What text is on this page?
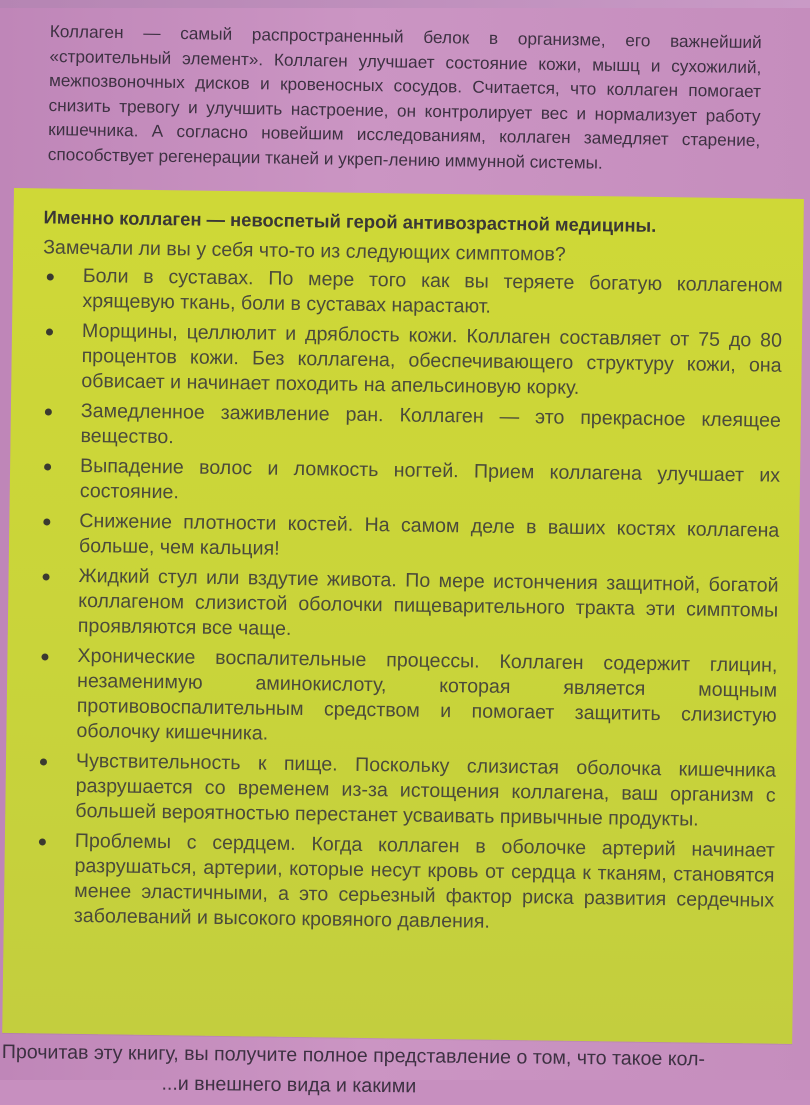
Коллаген — самый распространенный белок в организме, его важнейший «строительный элемент». Коллаген улучшает состояние кожи, мышц и сухожилий, межпозвоночных дисков и кровеносных сосудов. Считается, что коллаген помогает снизить тревогу и улучшить настроение, он контролирует вес и нормализует работу кишечника. А согласно новейшим исследованиям, коллаген замедляет старение, способствует регенерации тканей и укреп-лению иммунной системы.

Именно коллаген — невоспетый герой антивозрастной медицины.

Замечали ли вы у себя что-то из следующих симптомов?

Боли в суставах. По мере того как вы теряете богатую коллагеном хрящевую ткань, боли в суставах нарастают.
Морщины, целлюлит и дряблость кожи. Коллаген составляет от 75 до 80 процентов кожи. Без коллагена, обеспечивающего структуру кожи, она обвисает и начинает походить на апельсиновую корку.
Замедленное заживление ран. Коллаген — это прекрасное клеящее вещество.
Выпадение волос и ломкость ногтей. Прием коллагена улучшает их состояние.
Снижение плотности костей. На самом деле в ваших костях коллагена больше, чем кальция!
Жидкий стул или вздутие живота. По мере истончения защитной, богатой коллагеном слизистой оболочки пищеварительного тракта эти симптомы проявляются все чаще.
Хронические воспалительные процессы. Коллаген содержит глицин, незаменимую аминокислоту, которая является мощным противовоспалительным средством и помогает защитить слизистую оболочку кишечника.
Чувствительность к пище. Поскольку слизистая оболочка кишечника разрушается со временем из-за истощения коллагена, ваш организм с большей вероятностью перестанет усваивать привычные продукты.
Проблемы с сердцем. Когда коллаген в оболочке артерий начинает разрушаться, артерии, которые несут кровь от сердца к тканям, становятся менее эластичными, а это серьезный фактор риска развития сердечных заболеваний и высокого кровяного давления.
Прочитав эту книгу, вы получите полное представление о том, что такое кол-
...и внешнего вида и какими
